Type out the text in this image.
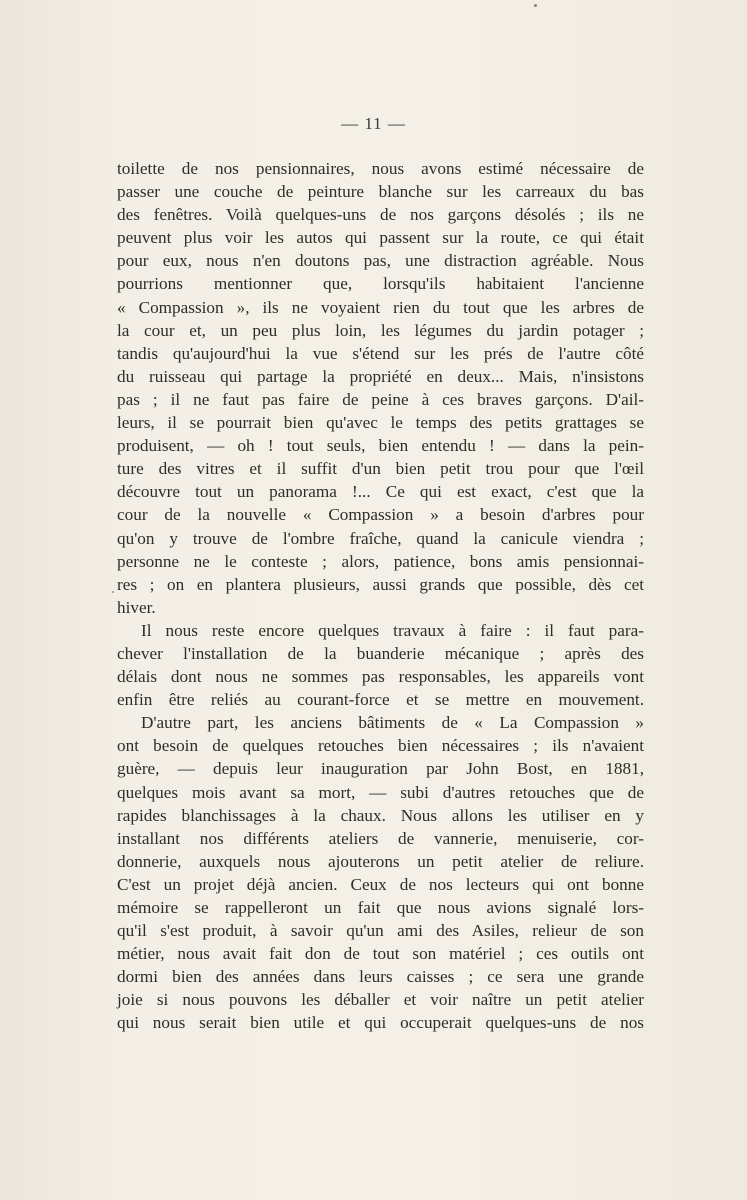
— 11 —
toilette de nos pensionnaires, nous avons estimé nécessaire de
passer une couche de peinture blanche sur les carreaux du bas
des fenêtres. Voilà quelques-uns de nos garçons désolés ; ils ne
peuvent plus voir les autos qui passent sur la route, ce qui était
pour eux, nous n'en doutons pas, une distraction agréable. Nous
pourrions mentionner que, lorsqu'ils habitaient l'ancienne
« Compassion », ils ne voyaient rien du tout que les arbres de
la cour et, un peu plus loin, les légumes du jardin potager ;
tandis qu'aujourd'hui la vue s'étend sur les prés de l'autre côté
du ruisseau qui partage la propriété en deux... Mais, n'insistons
pas ; il ne faut pas faire de peine à ces braves garçons. D'ail-
leurs, il se pourrait bien qu'avec le temps des petits grattages se
produisent, — oh ! tout seuls, bien entendu ! — dans la pein-
ture des vitres et il suffit d'un bien petit trou pour que l'œil
découvre tout un panorama !... Ce qui est exact, c'est que la
cour de la nouvelle « Compassion » a besoin d'arbres pour
qu'on y trouve de l'ombre fraîche, quand la canicule viendra ;
personne ne le conteste ; alors, patience, bons amis pensionnai-
res ; on en plantera plusieurs, aussi grands que possible, dès cet
hiver.
Il nous reste encore quelques travaux à faire : il faut para-
chever l'installation de la buanderie mécanique ; après des
délais dont nous ne sommes pas responsables, les appareils vont
enfin être reliés au courant-force et se mettre en mouvement.
D'autre part, les anciens bâtiments de « La Compassion »
ont besoin de quelques retouches bien nécessaires ; ils n'avaient
guère, — depuis leur inauguration par John Bost, en 1881,
quelques mois avant sa mort, — subi d'autres retouches que de
rapides blanchissages à la chaux. Nous allons les utiliser en y
installant nos différents ateliers de vannerie, menuiserie, cor-
donnerie, auxquels nous ajouterons un petit atelier de reliure.
C'est un projet déjà ancien. Ceux de nos lecteurs qui ont bonne
mémoire se rappelleront un fait que nous avions signalé lors-
qu'il s'est produit, à savoir qu'un ami des Asiles, relieur de son
métier, nous avait fait don de tout son matériel ; ces outils ont
dormi bien des années dans leurs caisses ; ce sera une grande
joie si nous pouvons les déballer et voir naître un petit atelier
qui nous serait bien utile et qui occuperait quelques-uns de nos
